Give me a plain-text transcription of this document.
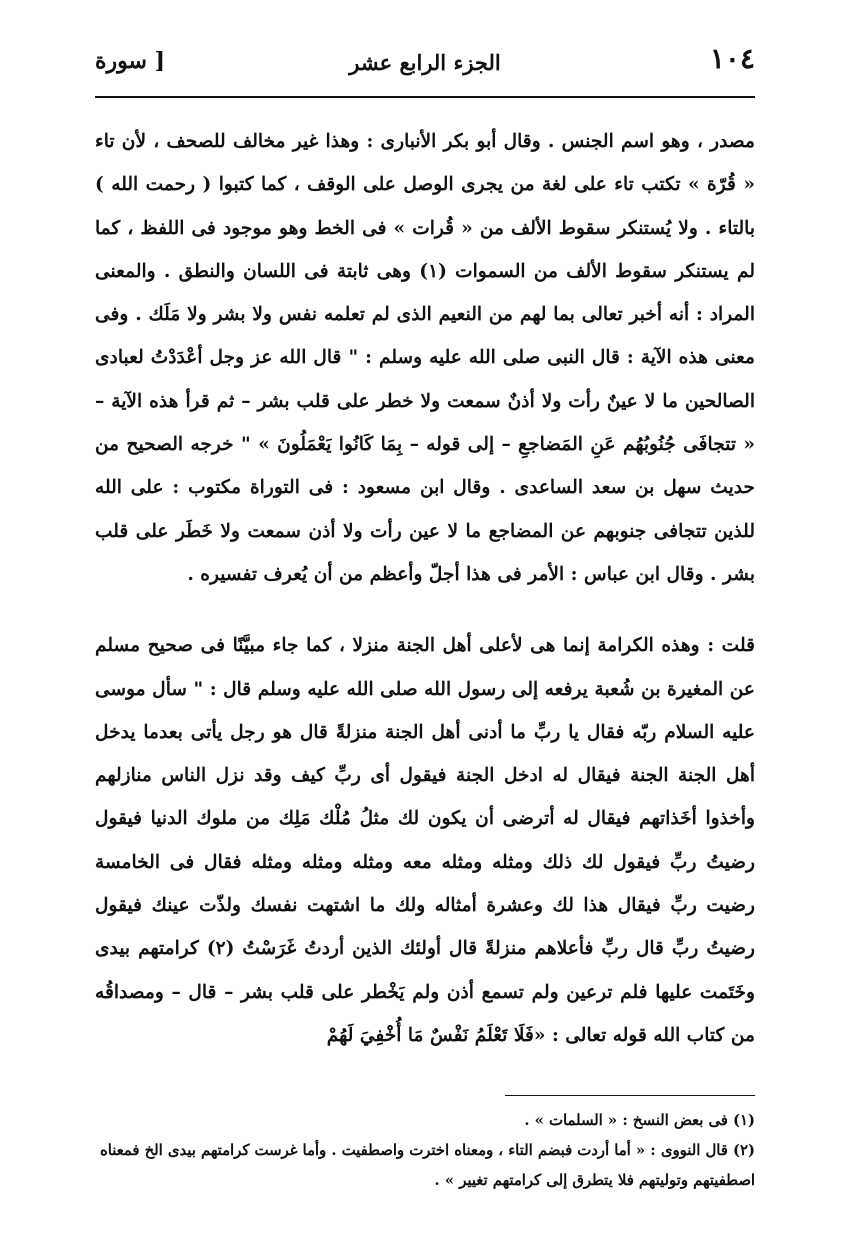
١٠٤
الجزء الرابع عشر
[ سورة

مصدر ، وهو اسم الجنس . وقال أبو بكر الأنبارى : وهذا غير مخالف للصحف ، لأن تاء « قُرّة » تكتب تاء على لغة من يجرى الوصل على الوقف ، كما كتبوا ( رحمت الله ) بالتاء . ولا يُستنكر سقوط الألف من « قُرات » فى الخط وهو موجود فى اللفظ ، كما لم يستنكر سقوط الألف من السموات (١) وهى ثابتة فى اللسان والنطق . والمعنى المراد : أنه أخبر تعالى بما لهم من النعيم الذى لم تعلمه نفس ولا بشر ولا مَلَك . وفى معنى هذه الآية : قال النبى صلى الله عليه وسلم : " قال الله عز وجل أعْدَدْتُ لعبادى الصالحين ما لا عينٌ رأت ولا أذنٌ سمعت ولا خطر على قلب بشر – ثم قرأ هذه الآية – « تتجافَى جُنُوبُهُم عَنِ المَضاجعِ – إلى قوله – بِمَا كَانُوا يَعْمَلُونَ » " خرجه الصحيح من حديث سهل بن سعد الساعدى . وقال ابن مسعود : فى التوراة مكتوب : على الله للذين تتجافى جنوبهم عن المضاجع ما لا عين رأت ولا أذن سمعت ولا خَطَر على قلب بشر . وقال ابن عباس : الأمر فى هذا أجلّ وأعظم من أن يُعرف تفسيره .

قلت : وهذه الكرامة إنما هى لأعلى أهل الجنة منزلا ، كما جاء مبيَّنًا فى صحيح مسلم عن المغيرة بن شُعبة يرفعه إلى رسول الله صلى الله عليه وسلم قال : " سأل موسى عليه السلام ربّه فقال يا ربِّ ما أدنى أهل الجنة منزلةً قال هو رجل يأتى بعدما يدخل أهل الجنة الجنة فيقال له ادخل الجنة فيقول أى ربِّ كيف وقد نزل الناس منازلهم وأخذوا أخَذاتهم فيقال له أترضى أن يكون لك مثلُ مُلْك مَلِك من ملوك الدنيا فيقول رضيتُ ربِّ فيقول لك ذلك ومثله ومثله معه ومثله ومثله ومثله فقال فى الخامسة رضيت ربِّ فيقال هذا لك وعشرة أمثاله ولك ما اشتهت نفسك ولذّت عينك فيقول رضيتُ ربِّ قال ربِّ فأعلاهم منزلةً قال أولئك الذين أردتُ غَرَسْتُ (٢) كرامتهم بيدى وخَتَمت عليها فلم ترعين ولم تسمع أذن ولم يَخْطر على قلب بشر – قال – ومصداقُه من كتاب الله قوله تعالى : «فَلَا تَعْلَمُ نَفْسٌ مَا أُخْفِيَ لَهُمْ

(١) فى بعض النسخ : « السلمات » .

(٢) قال النووى : « أما أردت فبضم التاء ، ومعناه اخترت واصطفيت . وأما غرست كرامتهم بيدى الخ فمعناه اصطفيتهم وتوليتهم فلا يتطرق إلى كرامتهم تغيير » .
